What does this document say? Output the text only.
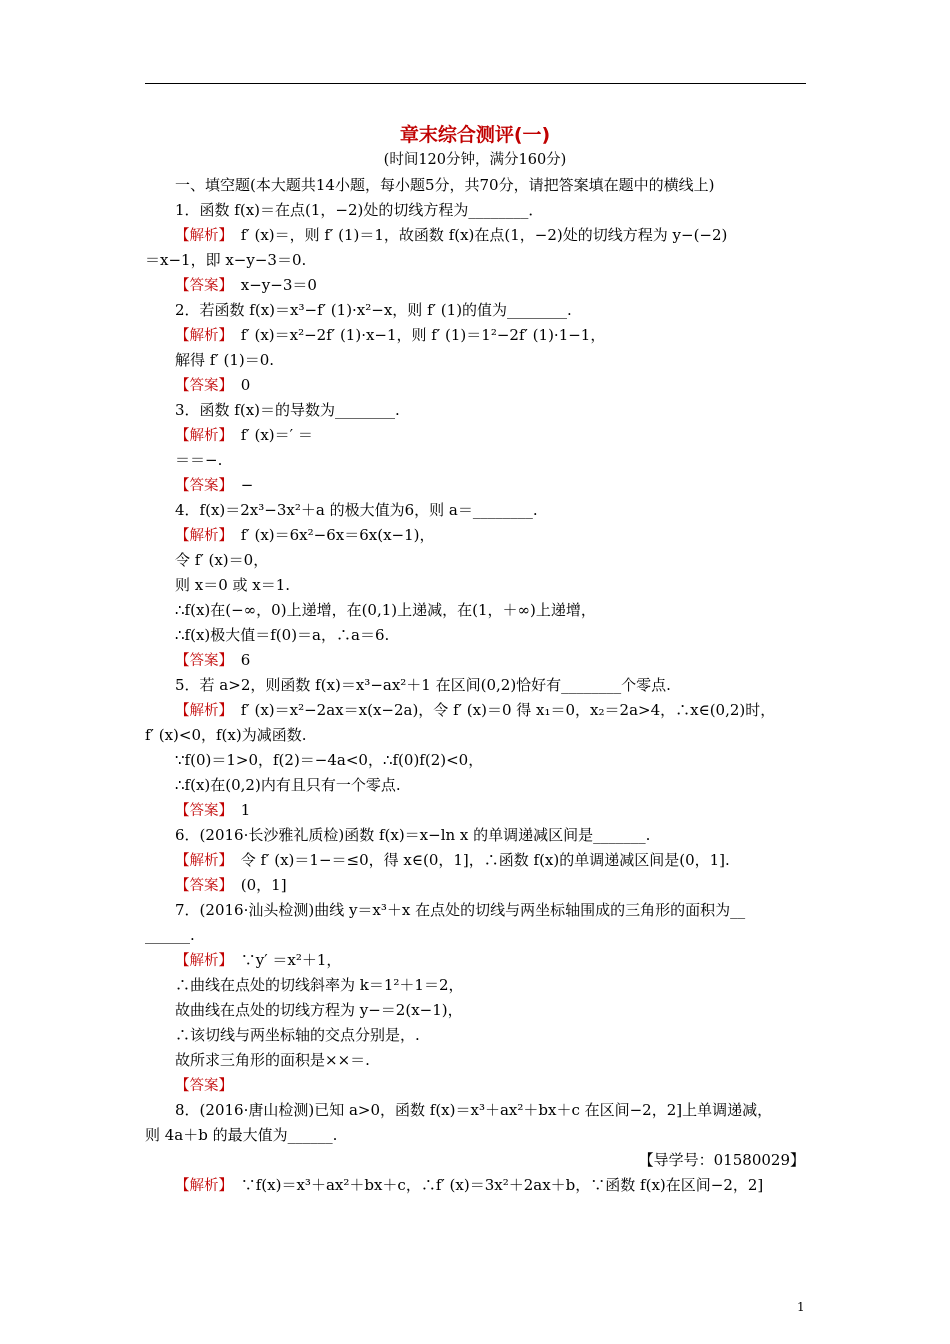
章末综合测评(一)
(时间120分钟，满分160分)
一、填空题(本大题共14小题，每小题5分，共70分，请把答案填在题中的横线上)
1．函数 f(x)＝在点(1，−2)处的切线方程为________．
【解析】　f′ (x)＝，则 f′ (1)＝1，故函数 f(x)在点(1，−2)处的切线方程为 y−(−2)
＝x−1，即 x−y−3＝0.
【答案】　x−y−3＝0
2．若函数 f(x)＝x³−f′ (1)·x²−x，则 f′ (1)的值为________.
【解析】　f′ (x)＝x²−2f′ (1)·x−1，则 f′ (1)＝1²−2f′ (1)·1−1，
解得 f′ (1)＝0.
【答案】　0
3．函数 f(x)＝的导数为________.
【解析】　f′ (x)＝′ ＝
＝＝−.
【答案】　−
4．f(x)＝2x³−3x²＋a 的极大值为6，则 a＝________.
【解析】　f′ (x)＝6x²−6x＝6x(x−1)，
令 f′ (x)＝0，
则 x＝0 或 x＝1.
∴f(x)在(−∞，0)上递增，在(0,1)上递减，在(1，＋∞)上递增，
∴f(x)极大值＝f(0)＝a，∴a＝6.
【答案】　6
5．若 a>2，则函数 f(x)＝x³−ax²＋1 在区间(0,2)恰好有________个零点.
【解析】　f′ (x)＝x²−2ax＝x(x−2a)，令 f′ (x)＝0 得 x₁＝0，x₂＝2a>4，∴x∈(0,2)时，
f′ (x)<0，f(x)为减函数.
∵f(0)＝1>0，f(2)＝−4a<0，∴f(0)f(2)<0，
∴f(x)在(0,2)内有且只有一个零点.
【答案】　1
6．(2016·长沙雅礼质检)函数 f(x)＝x−ln x 的单调递减区间是_______.
【解析】　令 f′ (x)＝1−＝≤0，得 x∈(0，1]，∴函数 f(x)的单调递减区间是(0，1].
【答案】　(0，1]
7．(2016·汕头检测)曲线 y＝x³＋x 在点处的切线与两坐标轴围成的三角形的面积为__
______.
【解析】　∵y′ ＝x²＋1，
∴曲线在点处的切线斜率为 k＝1²＋1＝2，
故曲线在点处的切线方程为 y−＝2(x−1)，
∴该切线与两坐标轴的交点分别是，.
故所求三角形的面积是××＝.
【答案】
8．(2016·唐山检测)已知 a>0，函数 f(x)＝x³＋ax²＋bx＋c 在区间−2，2]上单调递减，
则 4a＋b 的最大值为______.
【解析】　∵f(x)＝x³＋ax²＋bx＋c，∴f′ (x)＝3x²＋2ax＋b，∵函数 f(x)在区间−2，2]
【导学号：01580029】
1
